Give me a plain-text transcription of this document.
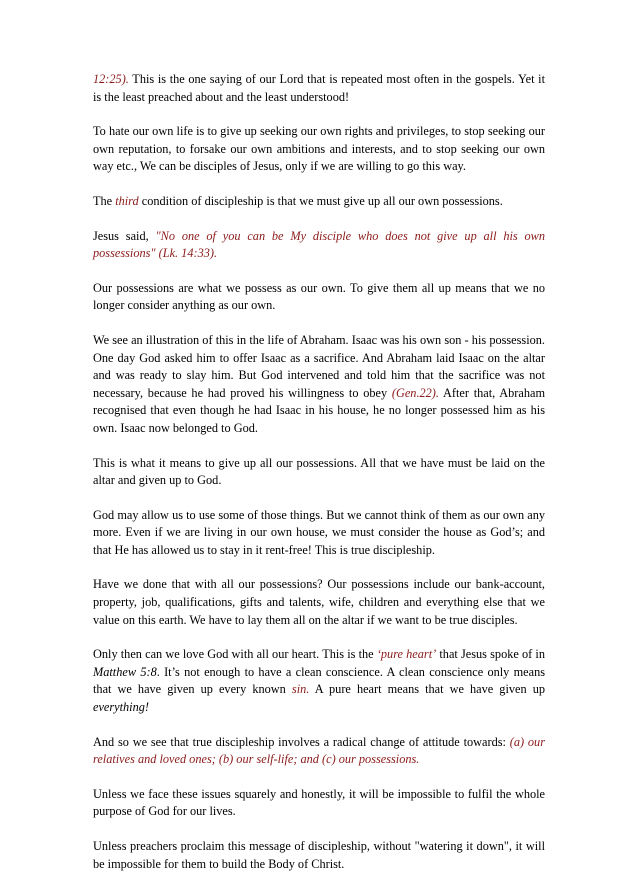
12:25). This is the one saying of our Lord that is repeated most often in the gospels. Yet it is the least preached about and the least understood!

To hate our own life is to give up seeking our own rights and privileges, to stop seeking our own reputation, to forsake our own ambitions and interests, and to stop seeking our own way etc., We can be disciples of Jesus, only if we are willing to go this way.

The third condition of discipleship is that we must give up all our own possessions.

Jesus said, "No one of you can be My disciple who does not give up all his own possessions" (Lk. 14:33).

Our possessions are what we possess as our own. To give them all up means that we no longer consider anything as our own.

We see an illustration of this in the life of Abraham. Isaac was his own son - his possession. One day God asked him to offer Isaac as a sacrifice. And Abraham laid Isaac on the altar and was ready to slay him. But God intervened and told him that the sacrifice was not necessary, because he had proved his willingness to obey (Gen.22). After that, Abraham recognised that even though he had Isaac in his house, he no longer possessed him as his own. Isaac now belonged to God.

This is what it means to give up all our possessions. All that we have must be laid on the altar and given up to God.

God may allow us to use some of those things. But we cannot think of them as our own any more. Even if we are living in our own house, we must consider the house as God’s; and that He has allowed us to stay in it rent-free! This is true discipleship.

Have we done that with all our possessions? Our possessions include our bank-account, property, job, qualifications, gifts and talents, wife, children and everything else that we value on this earth. We have to lay them all on the altar if we want to be true disciples.

Only then can we love God with all our heart. This is the ‘pure heart’ that Jesus spoke of in Matthew 5:8. It’s not enough to have a clean conscience. A clean conscience only means that we have given up every known sin. A pure heart means that we have given up everything!

And so we see that true discipleship involves a radical change of attitude towards: (a) our relatives and loved ones; (b) our self-life; and (c) our possessions.

Unless we face these issues squarely and honestly, it will be impossible to fulfil the whole purpose of God for our lives.

Unless preachers proclaim this message of discipleship, without "watering it down", it will be impossible for them to build the Body of Christ.
